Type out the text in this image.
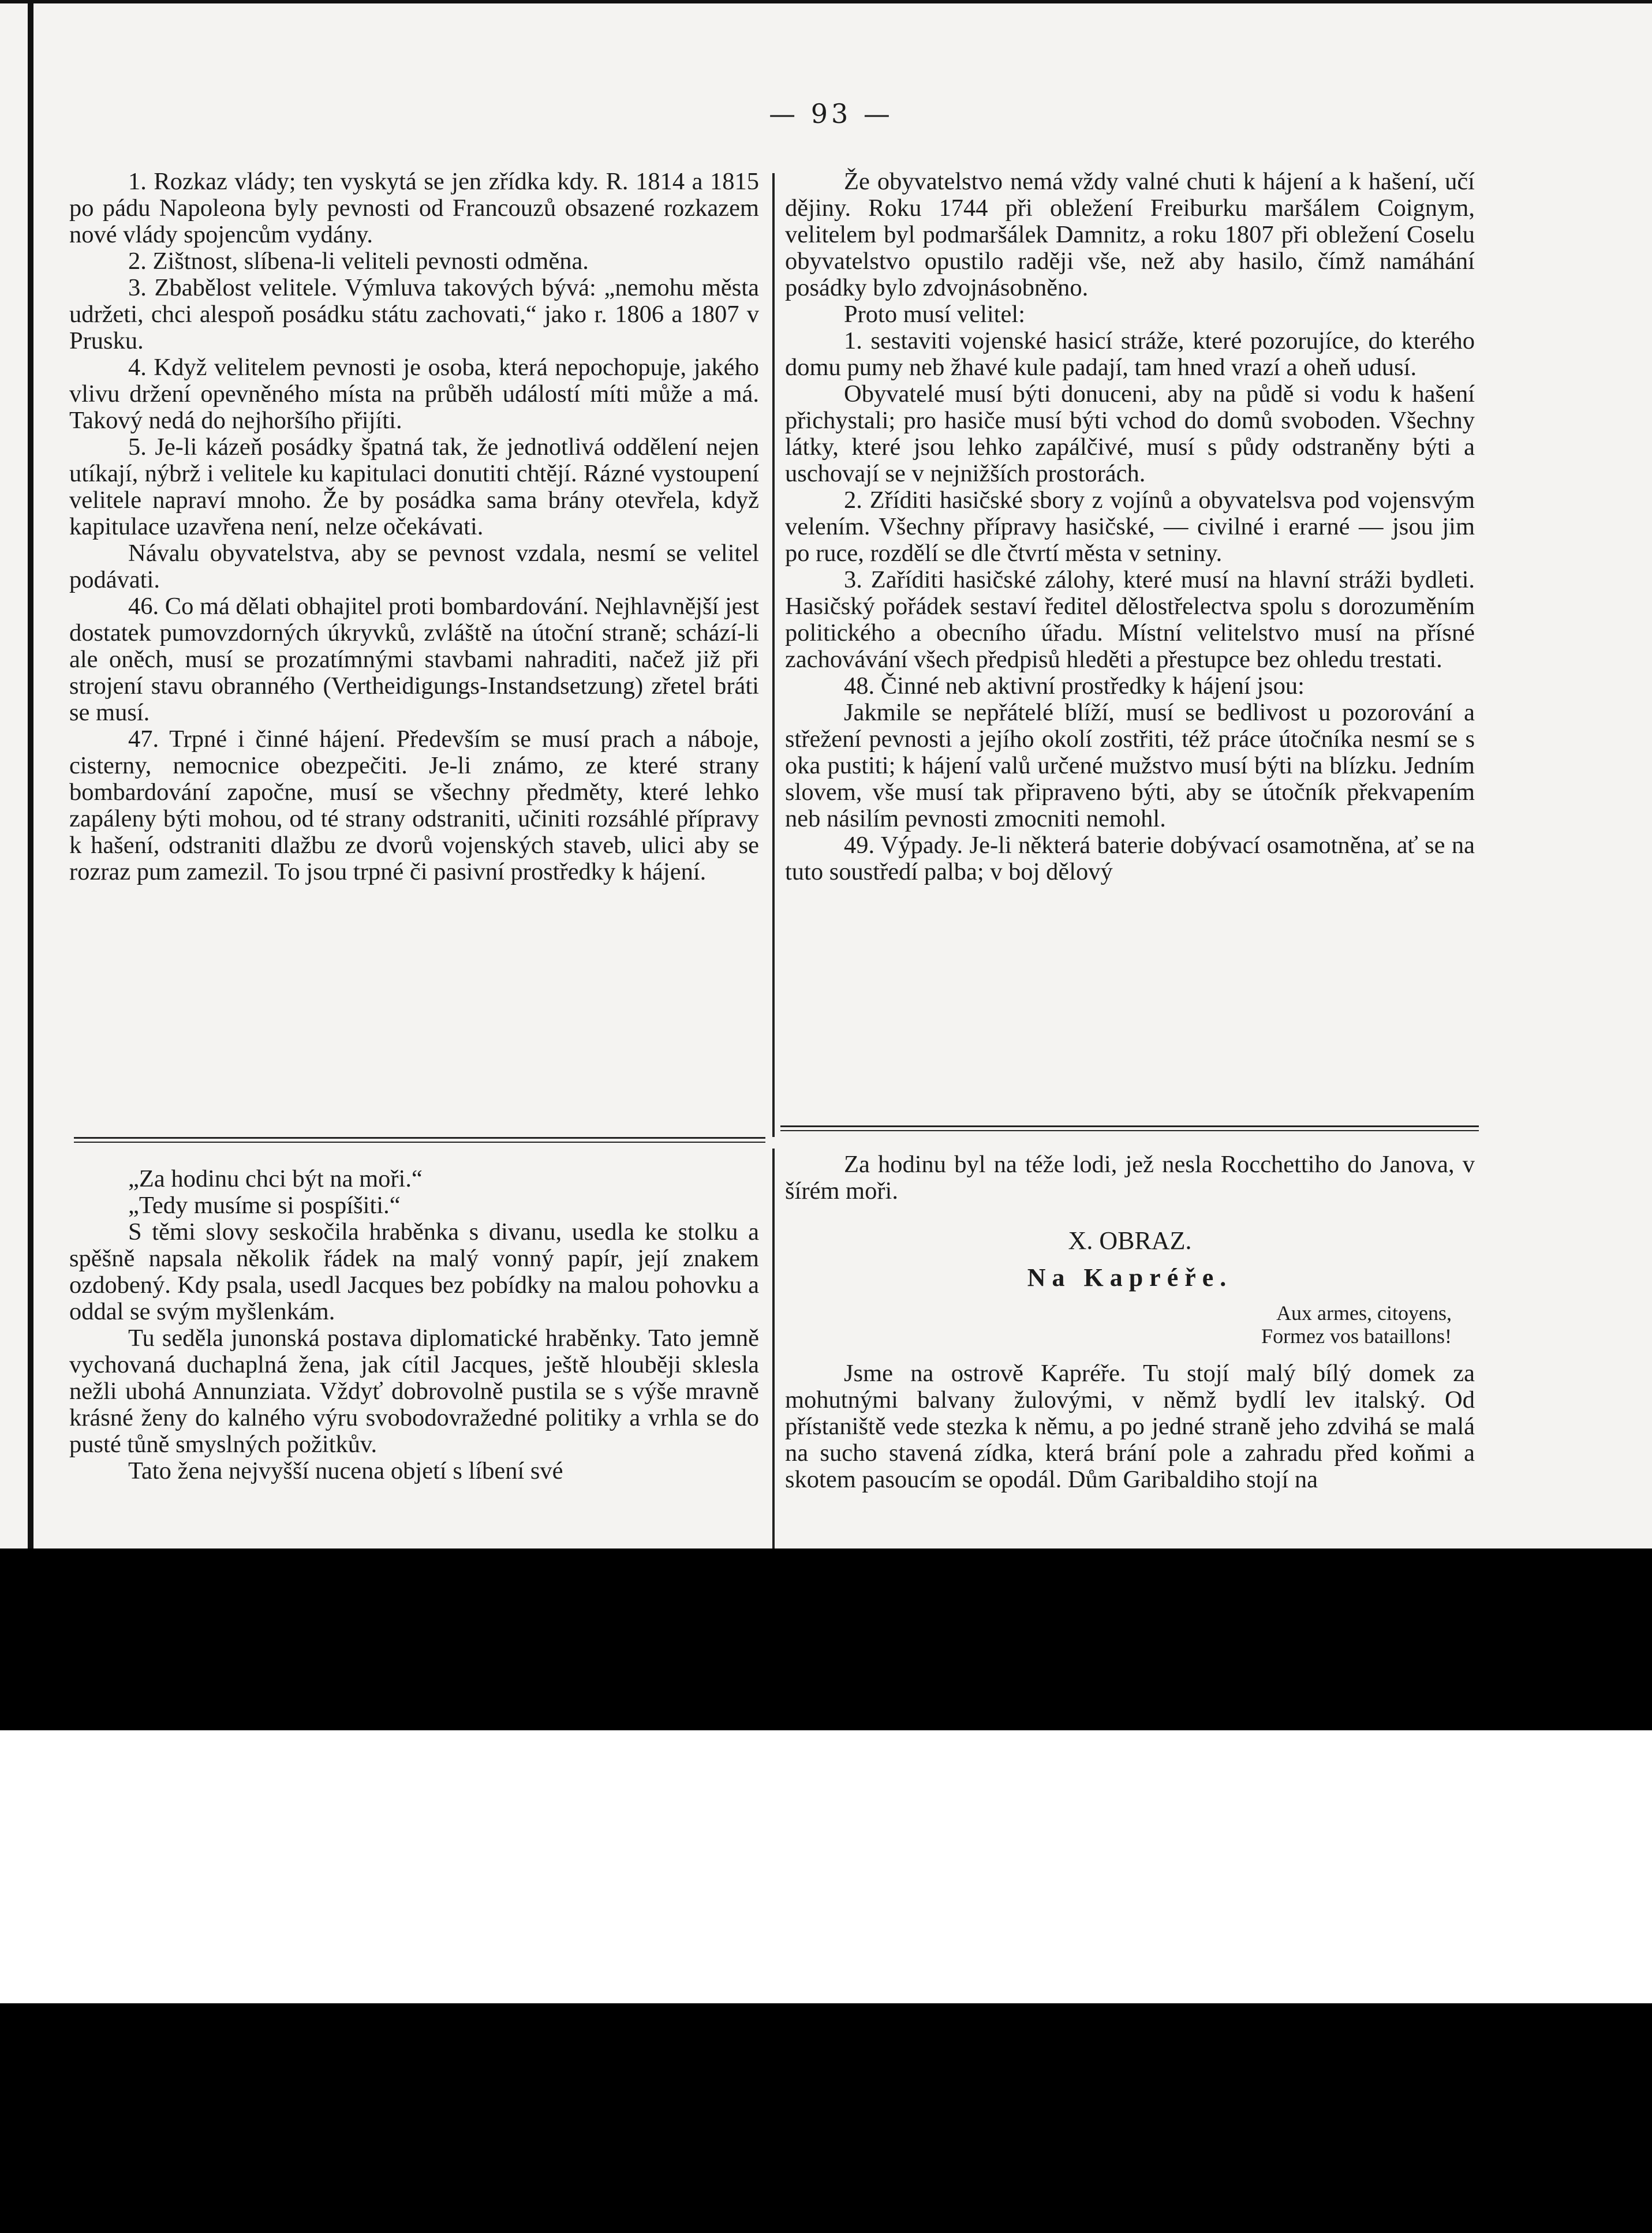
— 93 —

1. Rozkaz vlády; ten vyskytá se jen zřídka kdy. R. 1814 a 1815 po pádu Napoleona byly pevnosti od Francouzů obsazené rozkazem nové vlády spojencům vydány.

2. Zištnost, slíbena-li veliteli pevnosti odměna.

3. Zbabělost velitele. Výmluva takových bývá: „nemohu města udržeti, chci alespoň posádku státu zachovati,“ jako r. 1806 a 1807 v Prusku.

4. Když velitelem pevnosti je osoba, která nepochopuje, jakého vlivu držení opevněného místa na průběh událostí míti může a má. Takový nedá do nejhoršího přijíti.

5. Je-li kázeň posádky špatná tak, že jednotlivá oddělení nejen utíkají, nýbrž i velitele ku kapitulaci donutiti chtějí. Rázné vystoupení velitele napraví mnoho. Že by posádka sama brány otevřela, když kapitulace uzavřena není, nelze očekávati.

Návalu obyvatelstva, aby se pevnost vzdala, nesmí se velitel podávati.

46. Co má dělati obhajitel proti bombardování. Nejhlavnější jest dostatek pumovzdorných úkryvků, zvláště na útoční straně; schází-li ale oněch, musí se prozatímnými stavbami nahraditi, načež již při strojení stavu obranného (Vertheidigungs-Instandsetzung) zřetel bráti se musí.

47. Trpné i činné hájení. Především se musí prach a náboje, cisterny, nemocnice obezpečiti. Je-li známo, ze které strany bombardování započne, musí se všechny předměty, které lehko zapáleny býti mohou, od té strany odstraniti, učiniti rozsáhlé přípravy k hašení, odstraniti dlažbu ze dvorů vojenských staveb, ulici aby se rozraz pum zamezil. To jsou trpné či pasivní prostředky k hájení.

Že obyvatelstvo nemá vždy valné chuti k hájení a k hašení, učí dějiny. Roku 1744 při obležení Freiburku maršálem Coignym, velitelem byl podmaršálek Damnitz, a roku 1807 při obležení Coselu obyvatelstvo opustilo raději vše, než aby hasilo, čímž namáhání posádky bylo zdvojnásobněno.

Proto musí velitel:

1. sestaviti vojenské hasicí stráže, které pozorujíce, do kterého domu pumy neb žhavé kule padají, tam hned vrazí a oheň udusí.

Obyvatelé musí býti donuceni, aby na půdě si vodu k hašení přichystali; pro hasiče musí býti vchod do domů svoboden. Všechny látky, které jsou lehko zapálčivé, musí s půdy odstraněny býti a uschovají se v nejnižších prostorách.

2. Zříditi hasičské sbory z vojínů a obyvatelsva pod vojensvým velením. Všechny přípravy hasičské, — civilné i erarné — jsou jim po ruce, rozdělí se dle čtvrtí města v setniny.

3. Zaříditi hasičské zálohy, které musí na hlavní stráži bydleti. Hasičský pořádek sestaví ředitel dělostřelectva spolu s dorozuměním politického a obecního úřadu. Místní velitelstvo musí na přísné zachovávání všech předpisů hleděti a přestupce bez ohledu trestati.

48. Činné neb aktivní prostředky k hájení jsou:

Jakmile se nepřátelé blíží, musí se bedlivost u pozorování a střežení pevnosti a jejího okolí zostřiti, též práce útočníka nesmí se s oka pustiti; k hájení valů určené mužstvo musí býti na blízku. Jedním slovem, vše musí tak připraveno býti, aby se útočník překvapením neb násilím pevnosti zmocniti nemohl.

49. Výpady. Je-li některá baterie dobývací osamotněna, ať se na tuto soustředí palba; v boj dělový

„Za hodinu chci být na moři.“

„Tedy musíme si pospíšiti.“

S těmi slovy seskočila hraběnka s divanu, usedla ke stolku a spěšně napsala několik řádek na malý vonný papír, její znakem ozdobený. Kdy psala, usedl Jacques bez pobídky na malou pohovku a oddal se svým myšlenkám.

Tu seděla junonská postava diplomatické hraběnky. Tato jemně vychovaná duchaplná žena, jak cítil Jacques, ještě hlouběji sklesla nežli ubohá Annunziata. Vždyť dobrovolně pustila se s výše mravně krásné ženy do kalného výru svobodovražedné politiky a vrhla se do pusté tůně smyslných požitkův.

Tato žena nejvyšší nucena objetí s líbení své

Za hodinu byl na téže lodi, jež nesla Rocchettiho do Janova, v šírém moři.

X. OBRAZ.

Na Kapréře.

Aux armes, citoyens,
Formez vos bataillons!

Jsme na ostrově Kapréře. Tu stojí malý bílý domek za mohutnými balvany žulovými, v němž bydlí lev italský. Od přístaniště vede stezka k němu, a po jedné straně jeho zdvihá se malá na sucho stavená zídka, která brání pole a zahradu před koňmi a skotem pasoucím se opodál. Dům Garibaldiho stojí na
